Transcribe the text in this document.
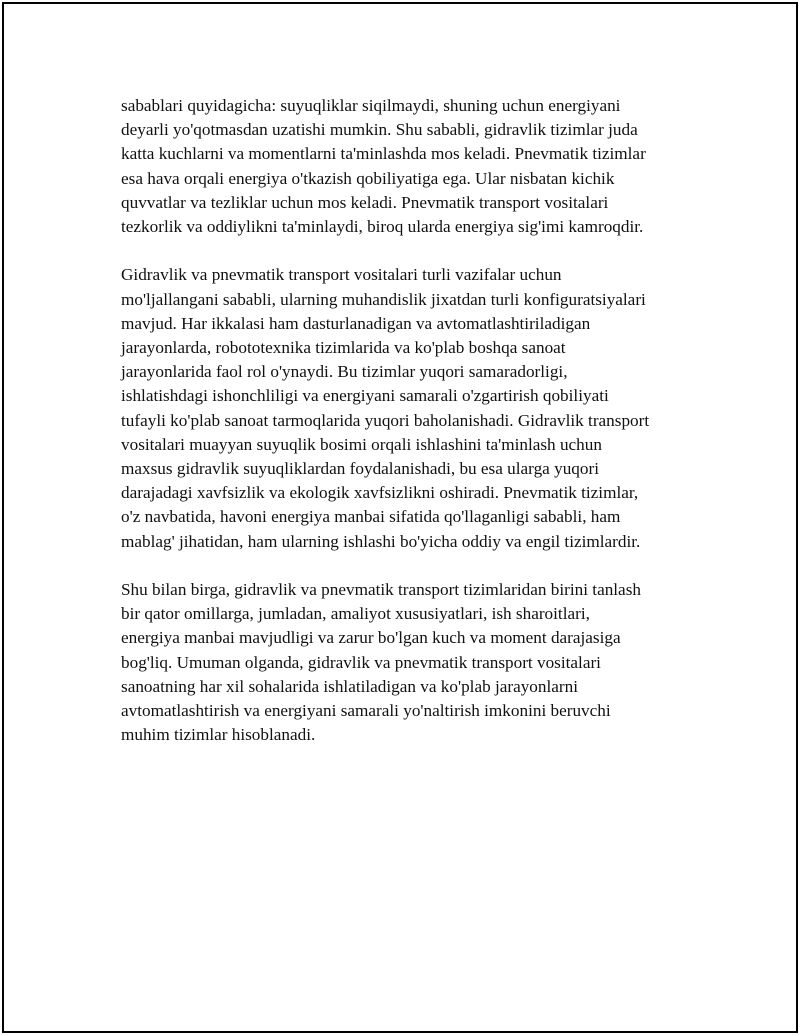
sabablari quyidagicha: suyuqliklar siqilmaydi, shuning uchun energiyani
deyarli yo'qotmasdan uzatishi mumkin. Shu sababli, gidravlik tizimlar juda
katta kuchlarni va momentlarni ta'minlashda mos keladi. Pnevmatik tizimlar
esa hava orqali energiya o'tkazish qobiliyatiga ega. Ular nisbatan kichik
quvvatlar va tezliklar uchun mos keladi. Pnevmatik transport vositalari
tezkorlik va oddiylikni ta'minlaydi, biroq ularda energiya sig'imi kamroqdir.

Gidravlik va pnevmatik transport vositalari turli vazifalar uchun
mo'ljallangani sababli, ularning muhandislik jixatdan turli konfiguratsiyalari
mavjud. Har ikkalasi ham dasturlanadigan va avtomatlashtiriladigan
jarayonlarda, robototexnika tizimlarida va ko'plab boshqa sanoat
jarayonlarida faol rol o'ynaydi. Bu tizimlar yuqori samaradorligi,
ishlatishdagi ishonchliligi va energiyani samarali o'zgartirish qobiliyati
tufayli ko'plab sanoat tarmoqlarida yuqori baholanishadi. Gidravlik transport
vositalari muayyan suyuqlik bosimi orqali ishlashini ta'minlash uchun
maxsus gidravlik suyuqliklardan foydalanishadi, bu esa ularga yuqori
darajadagi xavfsizlik va ekologik xavfsizlikni oshiradi. Pnevmatik tizimlar,
o'z navbatida, havoni energiya manbai sifatida qo'llaganligi sababli, ham
mablag' jihatidan, ham ularning ishlashi bo'yicha oddiy va engil tizimlardir.

Shu bilan birga, gidravlik va pnevmatik transport tizimlaridan birini tanlash
bir qator omillarga, jumladan, amaliyot xususiyatlari, ish sharoitlari,
energiya manbai mavjudligi va zarur bo'lgan kuch va moment darajasiga
bog'liq. Umuman olganda, gidravlik va pnevmatik transport vositalari
sanoatning har xil sohalarida ishlatiladigan va ko'plab jarayonlarni
avtomatlashtirish va energiyani samarali yo'naltirish imkonini beruvchi
muhim tizimlar hisoblanadi.
